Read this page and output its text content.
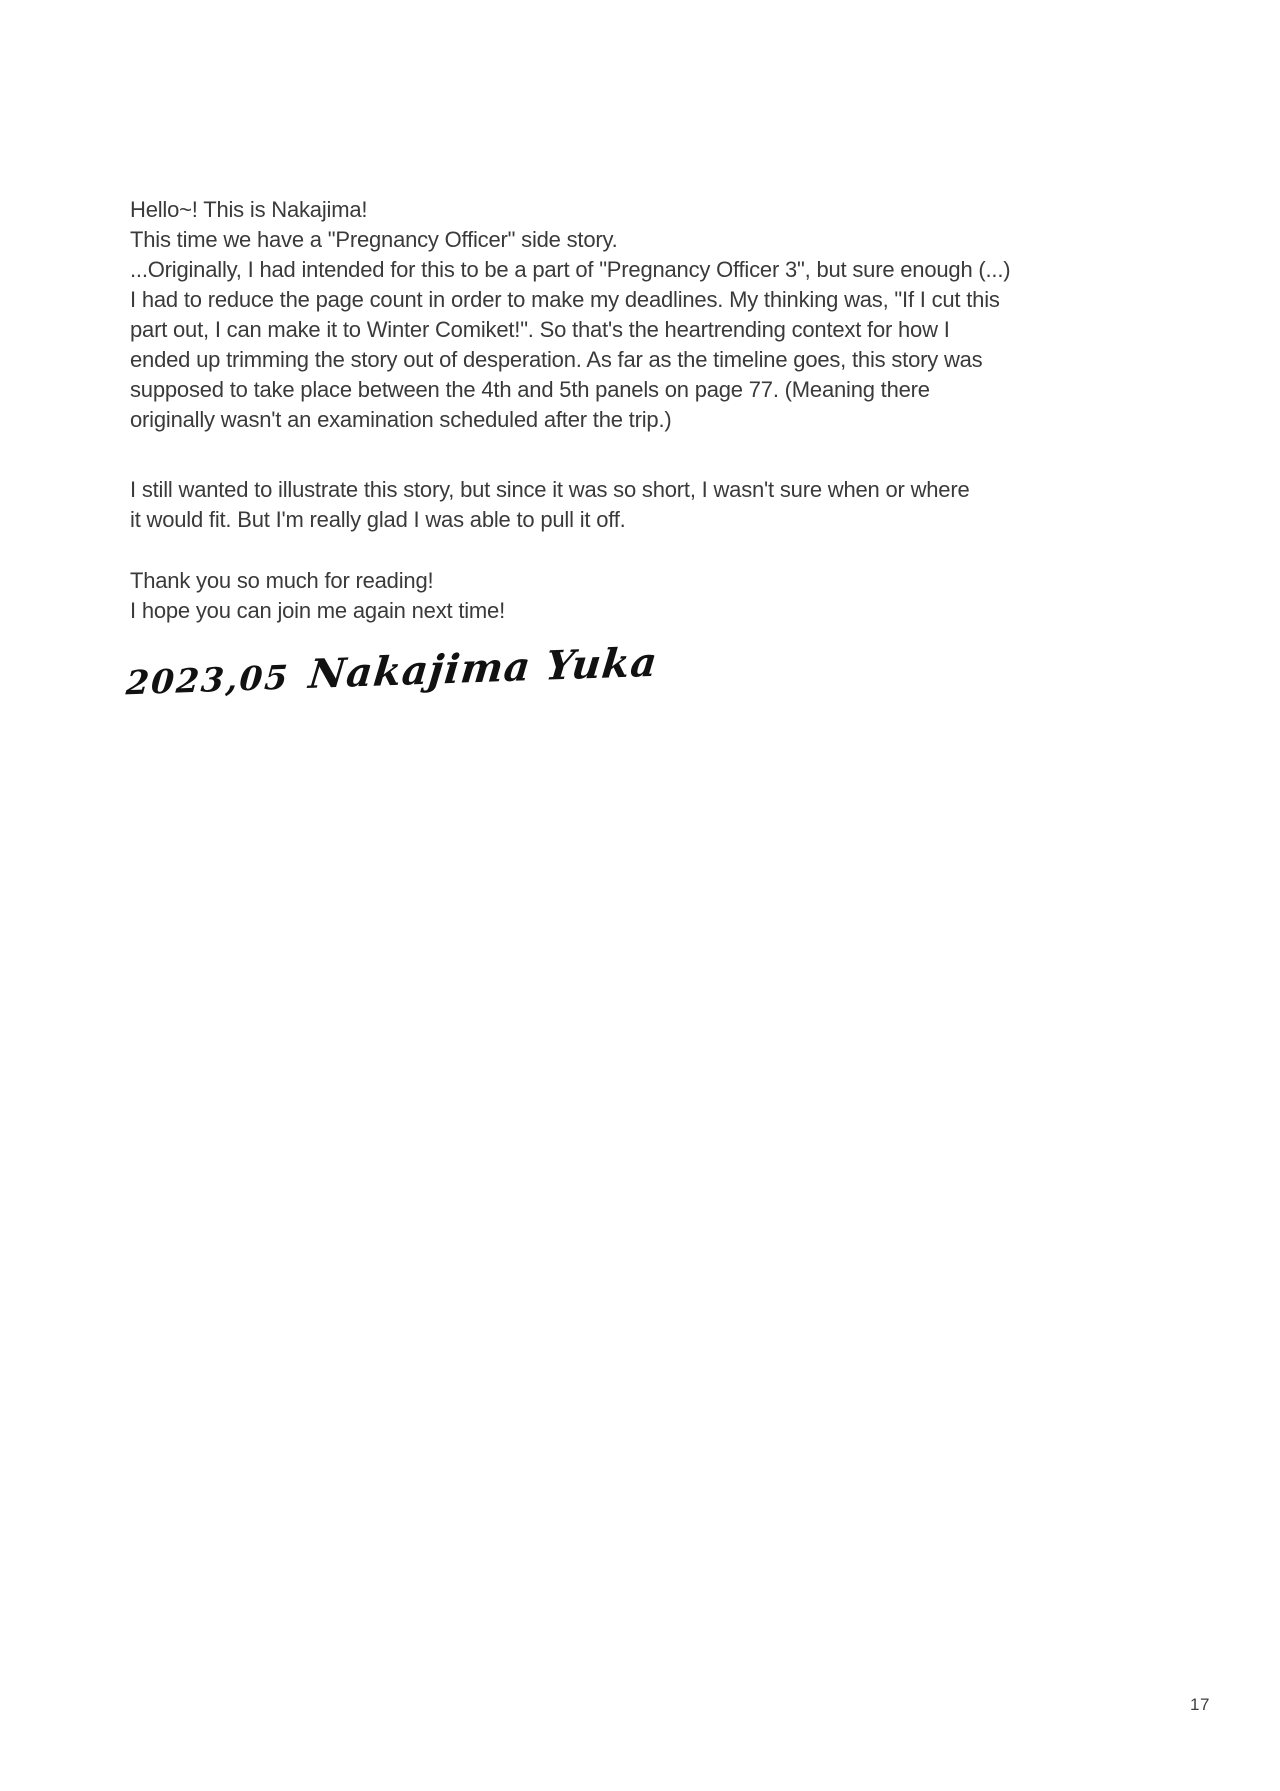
Hello~! This is Nakajima!
This time we have a "Pregnancy Officer" side story.
...Originally, I had intended for this to be a part of "Pregnancy Officer 3", but sure enough (...)
I had to reduce the page count in order to make my deadlines. My thinking was, "If I cut this
part out, I can make it to Winter Comiket!". So that's the heartrending context for how I
ended up trimming the story out of desperation. As far as the timeline goes, this story was
supposed to take place between the 4th and 5th panels on page 77. (Meaning there
originally wasn't an examination scheduled after the trip.)
I still wanted to illustrate this story, but since it was so short, I wasn't sure when or where
it would fit. But I'm really glad I was able to pull it off.
Thank you so much for reading!
I hope you can join me again next time!
2023,05 Nakajima Yuka
17
